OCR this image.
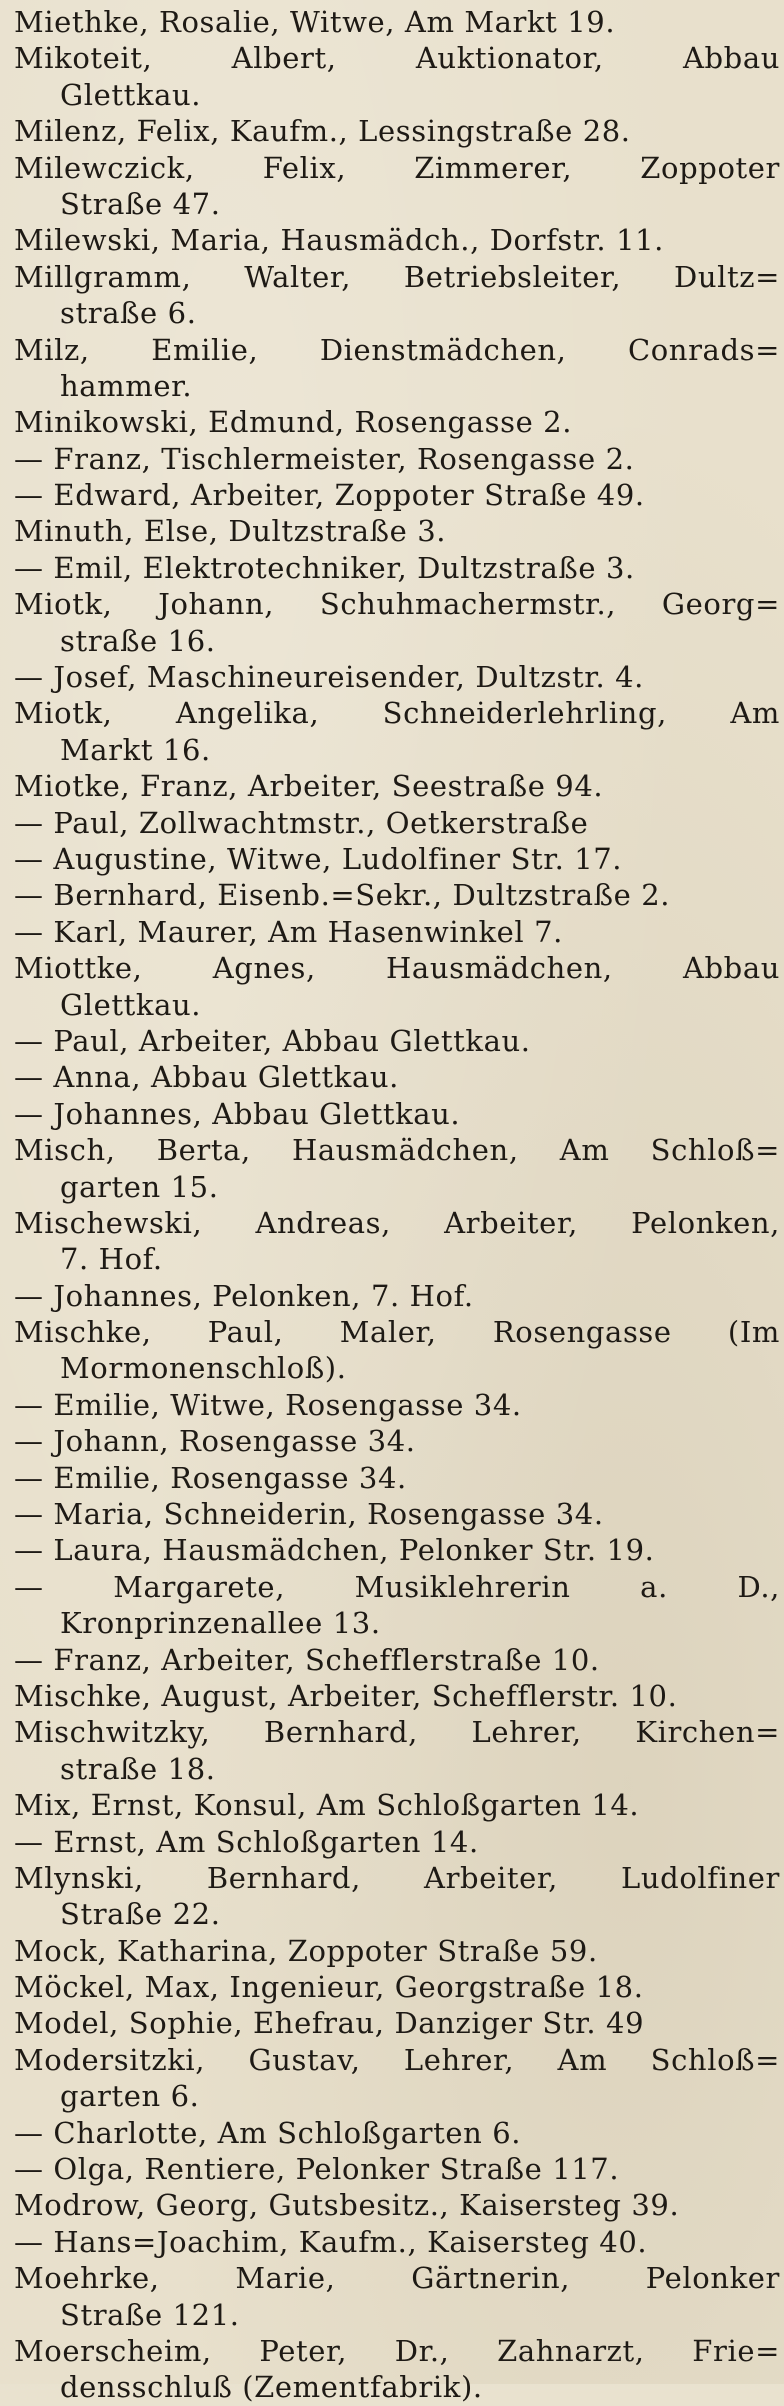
Miethke, Rosalie, Witwe, Am Markt 19.
Mikoteit, Albert, Auktionator, Abbau
Glettkau.
Milenz, Felix, Kaufm., Lessingstraße 28.
Milewczick, Felix, Zimmerer, Zoppoter
Straße 47.
Milewski, Maria, Hausmädch., Dorfstr. 11.
Millgramm, Walter, Betriebsleiter, Dultz=
straße 6.
Milz, Emilie, Dienstmädchen, Conrads=
hammer.
Minikowski, Edmund, Rosengasse 2.
— Franz, Tischlermeister, Rosengasse 2.
— Edward, Arbeiter, Zoppoter Straße 49.
Minuth, Else, Dultzstraße 3.
— Emil, Elektrotechniker, Dultzstraße 3.
Miotk, Johann, Schuhmachermstr., Georg=
straße 16.
— Josef, Maschineureisender, Dultzstr. 4.
Miotk, Angelika, Schneiderlehrling, Am
Markt 16.
Miotke, Franz, Arbeiter, Seestraße 94.
— Paul, Zollwachtmstr., Oetkerstraße
— Augustine, Witwe, Ludolfiner Str. 17.
— Bernhard, Eisenb.=Sekr., Dultzstraße 2.
— Karl, Maurer, Am Hasenwinkel 7.
Miottke, Agnes, Hausmädchen, Abbau
Glettkau.
— Paul, Arbeiter, Abbau Glettkau.
— Anna, Abbau Glettkau.
— Johannes, Abbau Glettkau.
Misch, Berta, Hausmädchen, Am Schloß=
garten 15.
Mischewski, Andreas, Arbeiter, Pelonken,
7. Hof.
— Johannes, Pelonken, 7. Hof.
Mischke, Paul, Maler, Rosengasse (Im
Mormonenschloß).
— Emilie, Witwe, Rosengasse 34.
— Johann, Rosengasse 34.
— Emilie, Rosengasse 34.
— Maria, Schneiderin, Rosengasse 34.
— Laura, Hausmädchen, Pelonker Str. 19.
— Margarete, Musiklehrerin a. D.,
Kronprinzenallee 13.
— Franz, Arbeiter, Schefflerstraße 10.
Mischke, August, Arbeiter, Schefflerstr. 10.
Mischwitzky, Bernhard, Lehrer, Kirchen=
straße 18.
Mix, Ernst, Konsul, Am Schloßgarten 14.
— Ernst, Am Schloßgarten 14.
Mlynski, Bernhard, Arbeiter, Ludolfiner
Straße 22.
Mock, Katharina, Zoppoter Straße 59.
Möckel, Max, Ingenieur, Georgstraße 18.
Model, Sophie, Ehefrau, Danziger Str. 49
Modersitzki, Gustav, Lehrer, Am Schloß=
garten 6.
— Charlotte, Am Schloßgarten 6.
— Olga, Rentiere, Pelonker Straße 117.
Modrow, Georg, Gutsbesitz., Kaisersteg 39.
— Hans=Joachim, Kaufm., Kaisersteg 40.
Moehrke, Marie, Gärtnerin, Pelonker
Straße 121.
Moerscheim, Peter, Dr., Zahnarzt, Frie=
densschluß (Zementfabrik).
